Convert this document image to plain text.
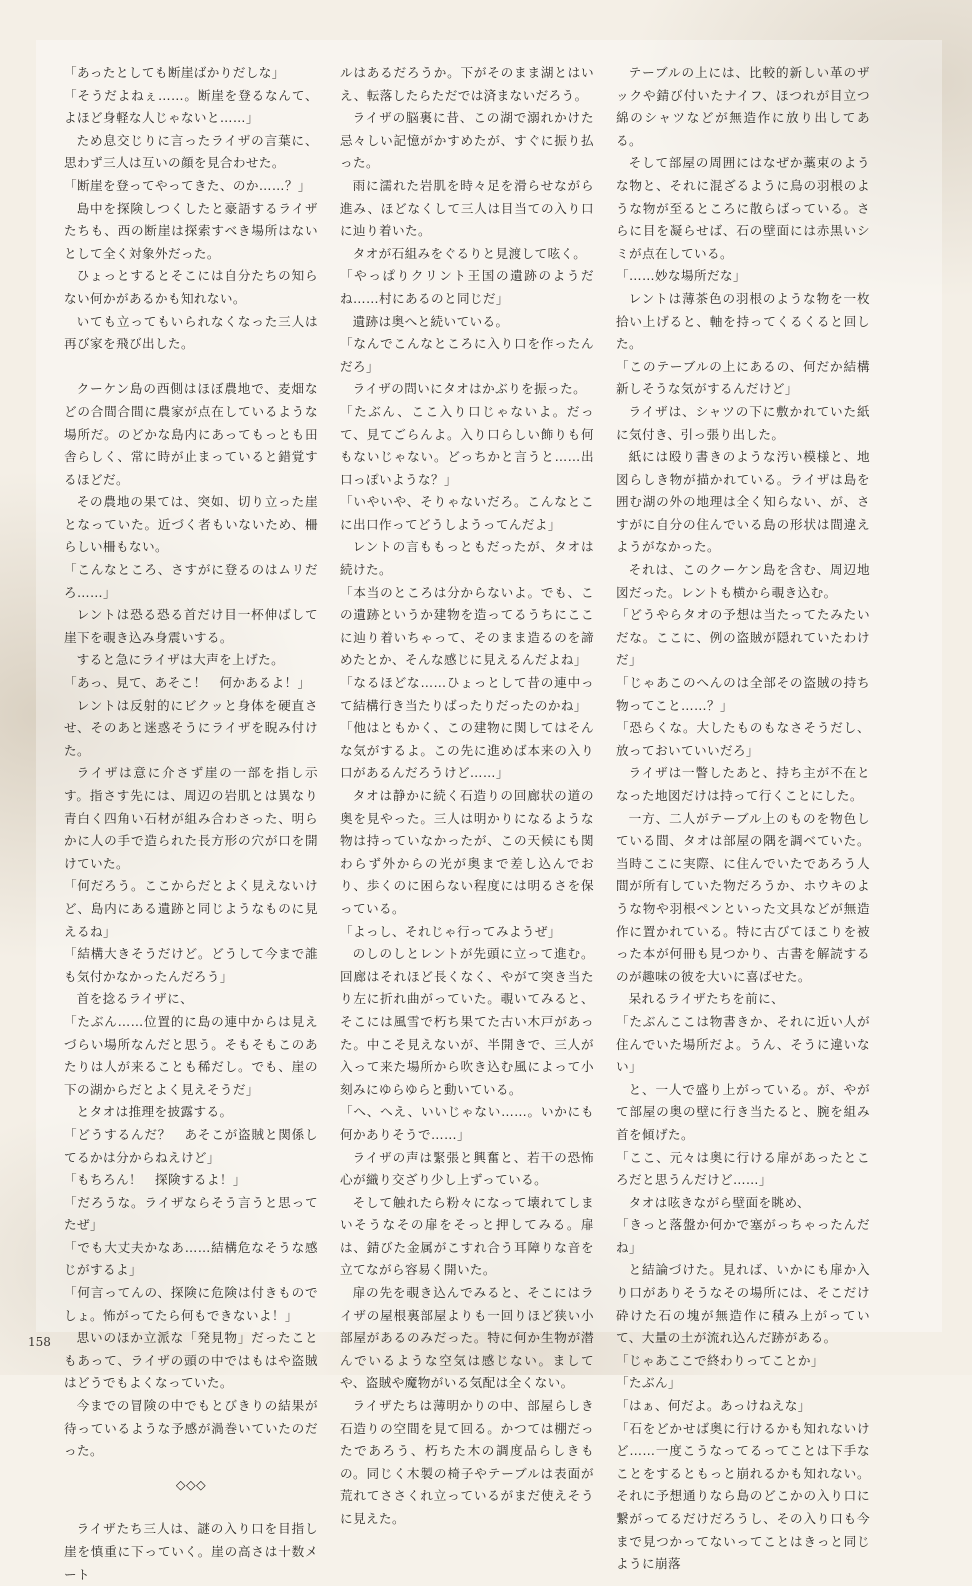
「あったとしても断崖ばかりだしな」

「そうだよねぇ……。断崖を登るなんて、よほど身軽な人じゃないと……」

ため息交じりに言ったライザの言葉に、思わず三人は互いの顔を見合わせた。

「断崖を登ってやってきた、のか……？」

島中を探険しつくしたと豪語するライザたちも、西の断崖は探索すべき場所はないとして全く対象外だった。

ひょっとするとそこには自分たちの知らない何かがあるかも知れない。

いても立ってもいられなくなった三人は再び家を飛び出した。

クーケン島の西側はほぼ農地で、麦畑などの合間合間に農家が点在しているような場所だ。のどかな島内にあってもっとも田舎らしく、常に時が止まっていると錯覚するほどだ。

その農地の果ては、突如、切り立った崖となっていた。近づく者もいないため、柵らしい柵もない。

「こんなところ、さすがに登るのはムリだろ……」

レントは恐る恐る首だけ目一杯伸ばして崖下を覗き込み身震いする。

すると急にライザは大声を上げた。

「あっ、見て、あそこ！　何かあるよ！」

レントは反射的にビクッと身体を硬直させ、そのあと迷惑そうにライザを睨み付けた。

ライザは意に介さず崖の一部を指し示す。指さす先には、周辺の岩肌とは異なり青白く四角い石材が組み合わさった、明らかに人の手で造られた長方形の穴が口を開けていた。

「何だろう。ここからだとよく見えないけど、島内にある遺跡と同じようなものに見えるね」

「結構大きそうだけど。どうして今まで誰も気付かなかったんだろう」

首を捻るライザに、

「たぶん……位置的に島の連中からは見えづらい場所なんだと思う。そもそもこのあたりは人が来ることも稀だし。でも、崖の下の湖からだとよく見えそうだ」

とタオは推理を披露する。

「どうするんだ？　あそこが盗賊と関係してるかは分からねえけど」

「もちろん！　探険するよ！」

「だろうな。ライザならそう言うと思ってたぜ」

「でも大丈夫かなあ……結構危なそうな感じがするよ」

「何言ってんの、探険に危険は付きものでしょ。怖がってたら何もできないよ！」

思いのほか立派な「発見物」だったこともあって、ライザの頭の中ではもはや盗賊はどうでもよくなっていた。

今までの冒険の中でもとびきりの結果が待っているような予感が渦巻いていたのだった。

◇◇◇

ライザたち三人は、謎の入り口を目指し崖を慎重に下っていく。崖の高さは十数メート

ルはあるだろうか。下がそのまま湖とはいえ、転落したらただでは済まないだろう。

ライザの脳裏に昔、この湖で溺れかけた忌々しい記憶がかすめたが、すぐに振り払った。

雨に濡れた岩肌を時々足を滑らせながら進み、ほどなくして三人は目当ての入り口に辿り着いた。

タオが石組みをぐるりと見渡して呟く。

「やっぱりクリント王国の遺跡のようだね……村にあるのと同じだ」

遺跡は奥へと続いている。

「なんでこんなところに入り口を作ったんだろ」

ライザの問いにタオはかぶりを振った。

「たぶん、ここ入り口じゃないよ。だって、見てごらんよ。入り口らしい飾りも何もないじゃない。どっちかと言うと……出口っぽいような？」

「いやいや、そりゃないだろ。こんなとこに出口作ってどうしようってんだよ」

レントの言ももっともだったが、タオは続けた。

「本当のところは分からないよ。でも、この遺跡というか建物を造ってるうちにここに辿り着いちゃって、そのまま造るのを諦めたとか、そんな感じに見えるんだよね」

「なるほどな……ひょっとして昔の連中って結構行き当たりばったりだったのかね」

「他はともかく、この建物に関してはそんな気がするよ。この先に進めば本来の入り口があるんだろうけど……」

タオは静かに続く石造りの回廊状の道の奥を見やった。三人は明かりになるような物は持っていなかったが、この天候にも関わらず外からの光が奥まで差し込んでおり、歩くのに困らない程度には明るさを保っている。

「よっし、それじゃ行ってみようぜ」

のしのしとレントが先頭に立って進む。回廊はそれほど長くなく、やがて突き当たり左に折れ曲がっていた。覗いてみると、そこには風雪で朽ち果てた古い木戸があった。中こそ見えないが、半開きで、三人が入って来た場所から吹き込む風によって小刻みにゆらゆらと動いている。

「へ、へえ、いいじゃない……。いかにも何かありそうで……」

ライザの声は緊張と興奮と、若干の恐怖心が織り交ざり少し上ずっている。

そして触れたら粉々になって壊れてしまいそうなその扉をそっと押してみる。扉は、錆びた金属がこすれ合う耳障りな音を立てながら容易く開いた。

扉の先を覗き込んでみると、そこにはライザの屋根裏部屋よりも一回りほど狭い小部屋があるのみだった。特に何か生物が潜んでいるような空気は感じない。ましてや、盗賊や魔物がいる気配は全くない。

ライザたちは薄明かりの中、部屋らしき石造りの空間を見て回る。かつては棚だったであろう、朽ちた木の調度品らしきもの。同じく木製の椅子やテーブルは表面が荒れてささくれ立っているがまだ使えそうに見えた。

テーブルの上には、比較的新しい革のザックや錆び付いたナイフ、ほつれが目立つ綿のシャツなどが無造作に放り出してある。

そして部屋の周囲にはなぜか藁束のような物と、それに混ざるように鳥の羽根のような物が至るところに散らばっている。さらに目を凝らせば、石の壁面には赤黒いシミが点在している。

「……妙な場所だな」

レントは薄茶色の羽根のような物を一枚拾い上げると、軸を持ってくるくると回した。

「このテーブルの上にあるの、何だか結構新しそうな気がするんだけど」

ライザは、シャツの下に敷かれていた紙に気付き、引っ張り出した。

紙には殴り書きのような汚い模様と、地図らしき物が描かれている。ライザは島を囲む湖の外の地理は全く知らない、が、さすがに自分の住んでいる島の形状は間違えようがなかった。

それは、このクーケン島を含む、周辺地図だった。レントも横から覗き込む。

「どうやらタオの予想は当たってたみたいだな。ここに、例の盗賊が隠れていたわけだ」

「じゃあこのへんのは全部その盗賊の持ち物ってこと……？」

「恐らくな。大したものもなさそうだし、放っておいていいだろ」

ライザは一瞥したあと、持ち主が不在となった地図だけは持って行くことにした。

一方、二人がテーブル上のものを物色している間、タオは部屋の隅を調べていた。当時ここに実際、に住んでいたであろう人間が所有していた物だろうか、ホウキのような物や羽根ペンといった文具などが無造作に置かれている。特に古びてほこりを被った本が何冊も見つかり、古書を解読するのが趣味の彼を大いに喜ばせた。

呆れるライザたちを前に、

「たぶんここは物書きか、それに近い人が住んでいた場所だよ。うん、そうに違いない」

と、一人で盛り上がっている。が、やがて部屋の奥の壁に行き当たると、腕を組み首を傾げた。

「ここ、元々は奥に行ける扉があったところだと思うんだけど……」

タオは呟きながら壁面を眺め、

「きっと落盤か何かで塞がっちゃったんだね」

と結論づけた。見れば、いかにも扉か入り口がありそうなその場所には、そこだけ砕けた石の塊が無造作に積み上がっていて、大量の土が流れ込んだ跡がある。

「じゃあここで終わりってことか」

「たぶん」

「はぁ、何だよ。あっけねえな」

「石をどかせば奥に行けるかも知れないけど……一度こうなってるってことは下手なことをするともっと崩れるかも知れない。それに予想通りなら島のどこかの入り口に繋がってるだけだろうし、その入り口も今まで見つかってないってことはきっと同じように崩落

158
